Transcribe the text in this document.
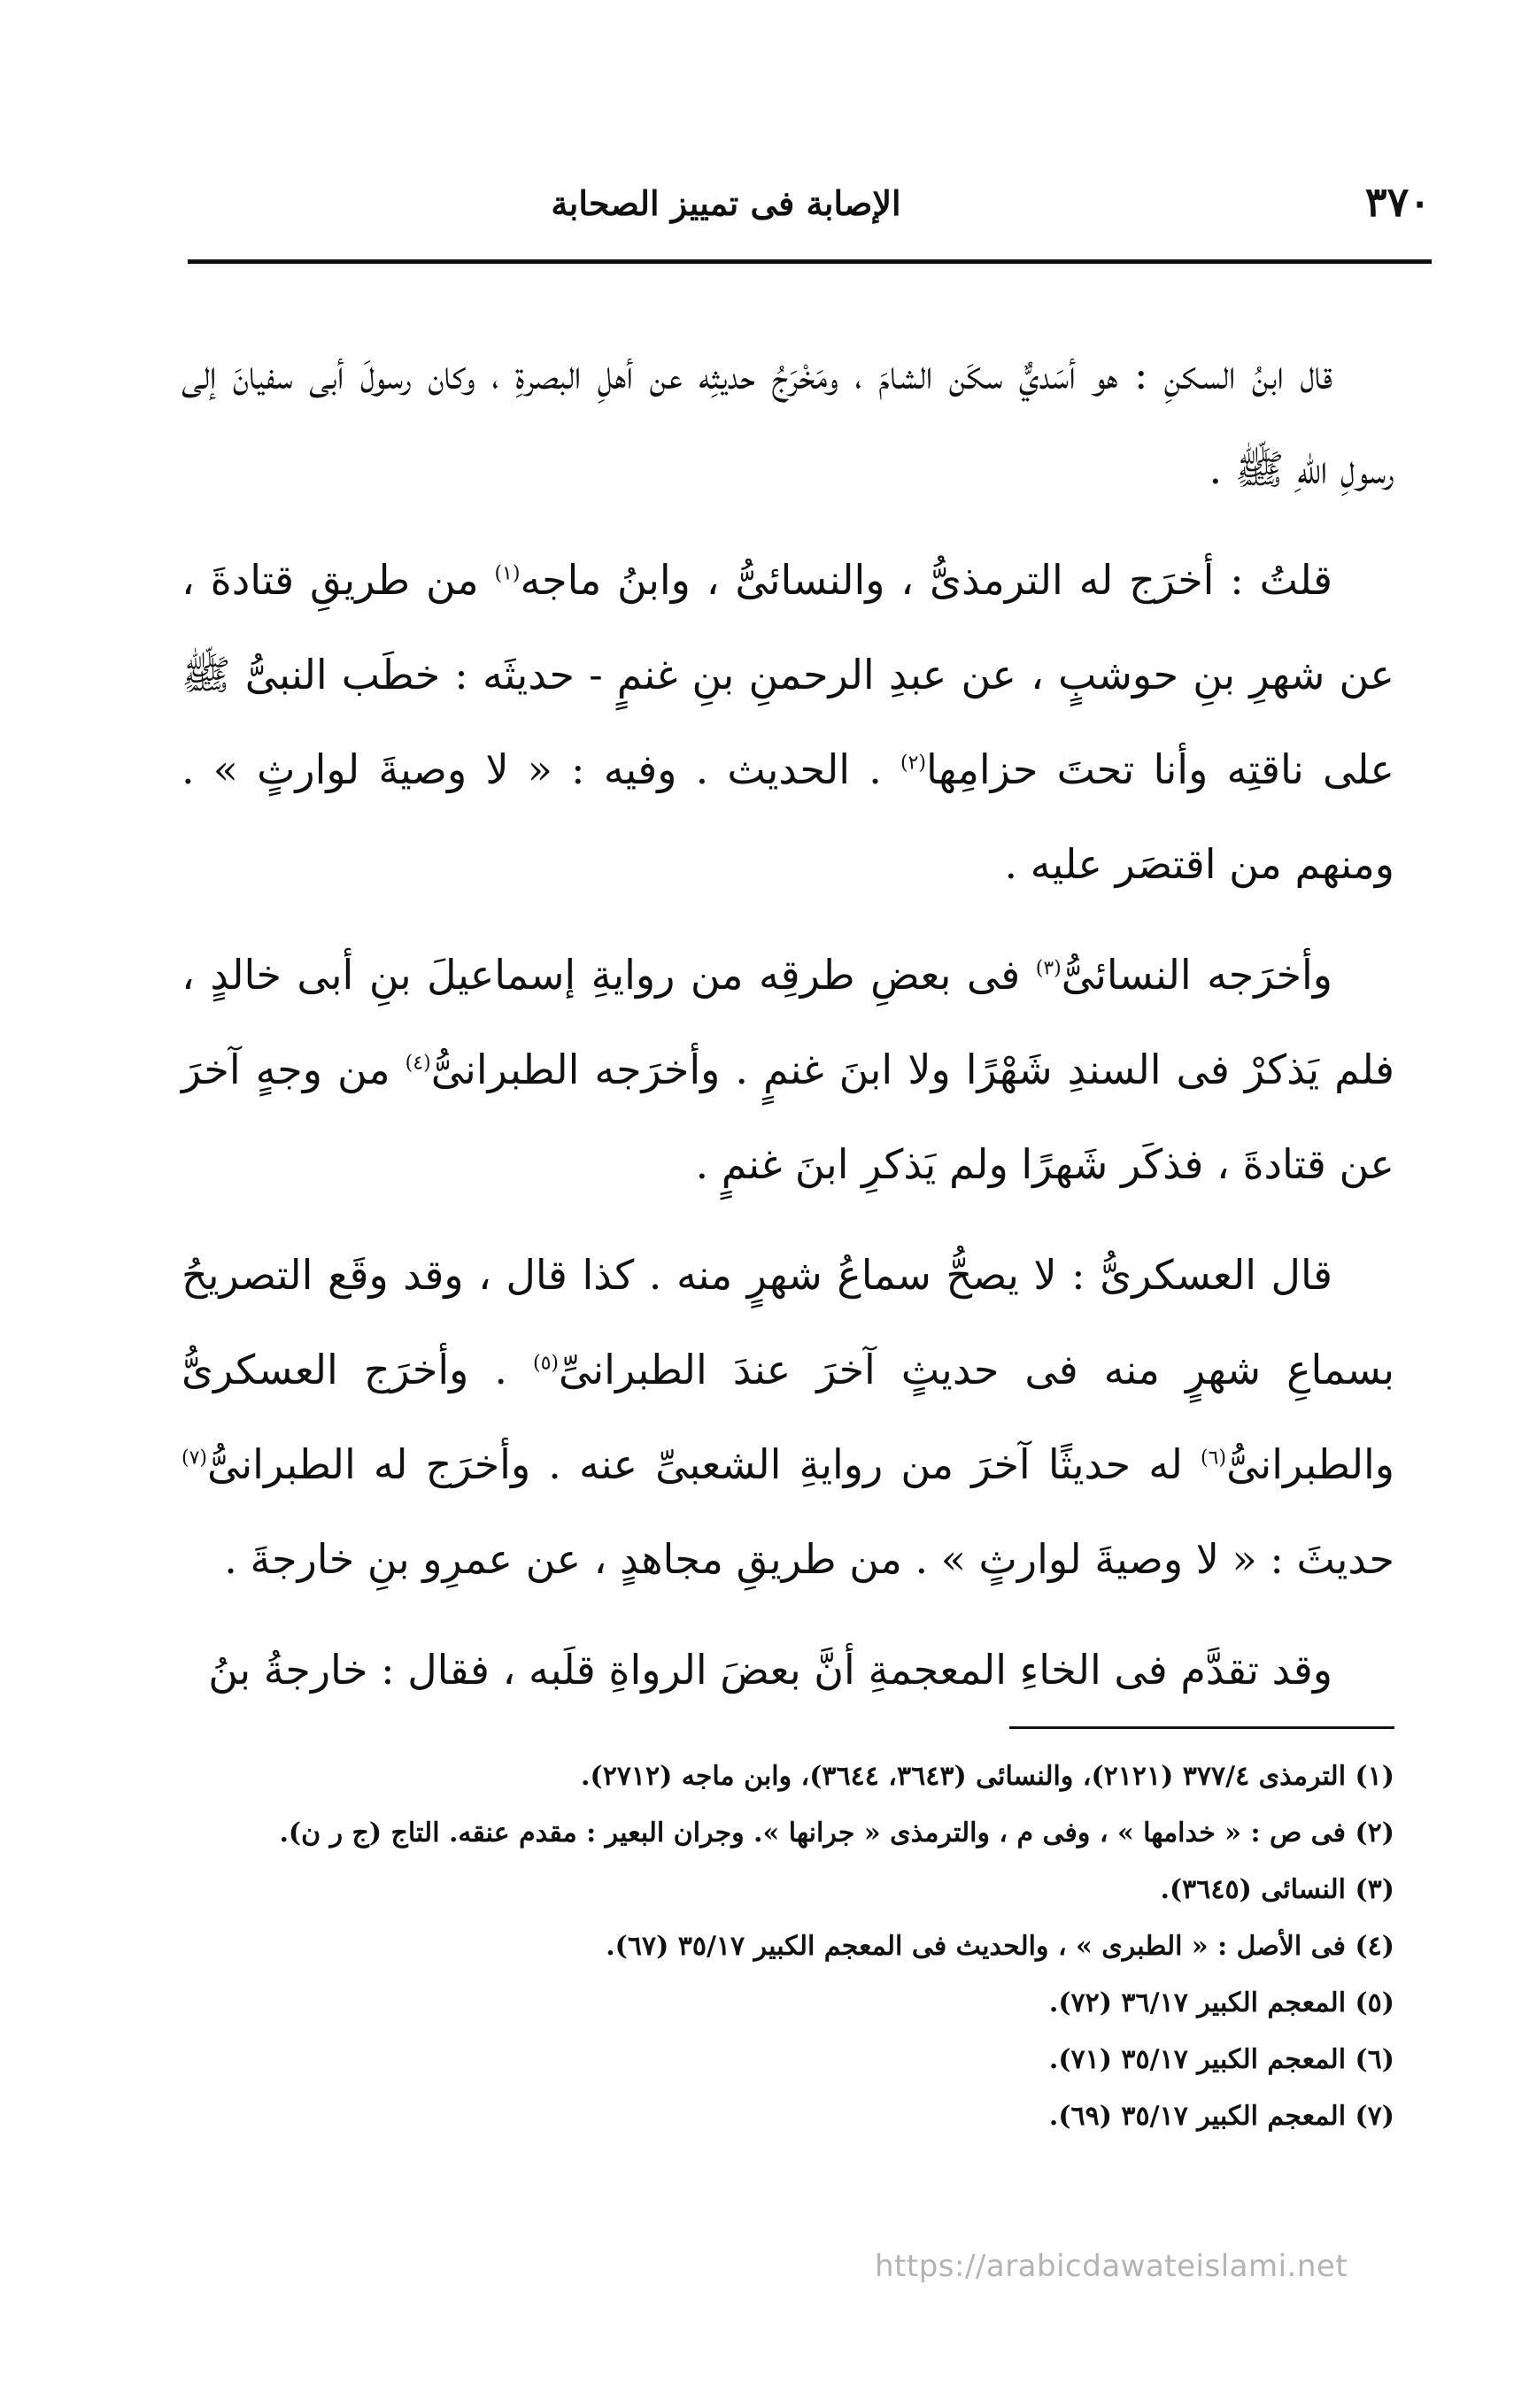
الإصابة فى تمييز الصحابة	٣٧٠

قال ابنُ السكنِ : هو أسَديٌّ سكَن الشامَ ، ومَخْرَجُ حديثِه عن أهلِ البصرةِ ، وكان رسولَ أبى سفيانَ إلى رسولِ اللهِ ﷺ .

قلتُ : أخرَج له الترمذىُّ ، والنسائىُّ ، وابنُ ماجه$^{(١)}$ من طريقِ قتادةَ ، عن شهرِ بنِ حوشبٍ ، عن عبدِ الرحمنِ بنِ غنمٍ - حديثَه : خطَب النبىُّ ﷺ على ناقتِه وأنا تحتَ حزامِها$^{(٢)}$ . الحديث . وفيه : « لا وصيةَ لوارثٍ » . ومنهم من اقتصَر عليه .

وأخرَجه النسائىُّ$^{(٣)}$ فى بعضِ طرقِه من روايةِ إسماعيلَ بنِ أبى خالدٍ ، فلم يَذكرْ فى السندِ شَهْرًا ولا ابنَ غنمٍ . وأخرَجه الطبرانىُّ$^{(٤)}$ من وجهٍ آخرَ عن قتادةَ ، فذكَر شَهرًا ولم يَذكرِ ابنَ غنمٍ .

قال العسكرىُّ : لا يصحُّ سماعُ شهرٍ منه . كذا قال ، وقد وقَع التصريحُ بسماعِ شهرٍ منه فى حديثٍ آخرَ عندَ الطبرانىِّ$^{(٥)}$ . وأخرَج العسكرىُّ والطبرانىُّ$^{(٦)}$ له حديثًا آخرَ من روايةِ الشعبىِّ عنه . وأخرَج له الطبرانىُّ$^{(٧)}$ حديثَ : « لا وصيةَ لوارثٍ » . من طريقِ مجاهدٍ ، عن عمرِو بنِ خارجةَ .

وقد تقدَّم فى الخاءِ المعجمةِ أنَّ بعضَ الرواةِ قلَبه ، فقال : خارجةُ بنُ

(١) الترمذى ٣٧٧/٤ (٢١٢١)، والنسائى (٣٦٤٣، ٣٦٤٤)، وابن ماجه (٢٧١٢).

(٢) فى ص : « خدامها » ، وفى م ، والترمذى « جرانها ». وجران البعير : مقدم عنقه. التاج (ج ر ن).

(٣) النسائى (٣٦٤٥).

(٤) فى الأصل : « الطبرى » ، والحديث فى المعجم الكبير ٣٥/١٧ (٦٧).

(٥) المعجم الكبير ٣٦/١٧ (٧٢).

(٦) المعجم الكبير ٣٥/١٧ (٧١).

(٧) المعجم الكبير ٣٥/١٧ (٦٩).

https://arabicdawateislami.net
